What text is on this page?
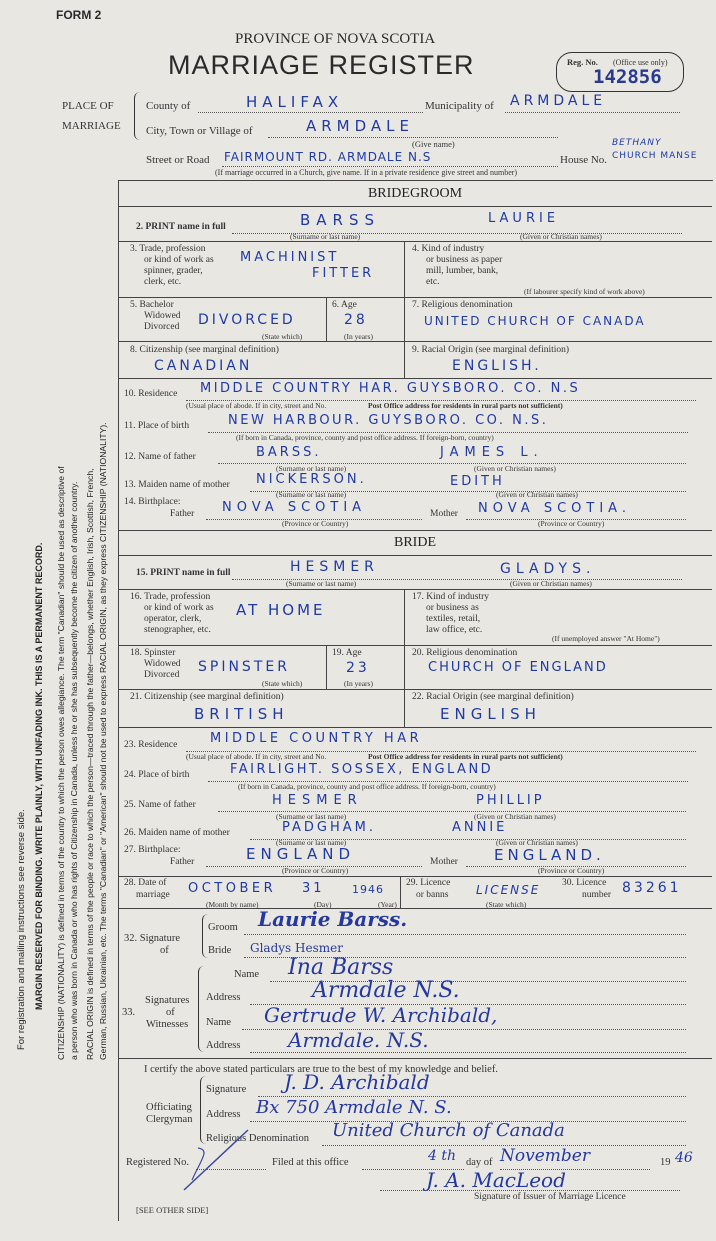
For registration and mailing instructions see reverse side. MARGIN RESERVED FOR BINDING. WRITE PLAINLY, WITH UNFADING INK. THIS IS A PERMANENT RECORD. CITIZENSHIP (NATIONALITY) is defined in terms of the country to which the person owes allegiance. The term "Canadian" should be used as descriptive of a person who was born in Canada or who has rights of Citizenship in Canada, unless he or she has subsequently become the citizen of another country. RACIAL ORIGIN is defined in terms of the people or race to which the person—traced through the father—belongs, whether English, Irish, Scottish, French, German, Russian, Ukrainian, etc. The terms "Canadian" or "American" should not be used to express RACIAL ORIGIN, as they express CITIZENSHIP (NATIONALITY).
FORM 2
PROVINCE OF NOVA SCOTIA
MARRIAGE REGISTER	Reg. No. (Office use only)
142856
PLACE OF
MARRIAGE
County of	HALIFAX	Municipality of ARMDALE
City, Town or Village of	ARMDALE
(Give name)
Street or Road FAIRMOUNT RD. ARMDALE N.S	House No.
BETHANY
CHURCH MANSE
(If marriage occurred in a Church, give name. If in a private residence give street and number)
BRIDEGROOM
2. PRINT name in full	BARSS	LAURIE
(Surname or last name)	(Given or Christian names)
3. Trade, profession
or kind of work as
spinner, grader,
clerk, etc.
MACHINIST
FITTER
4. Kind of industry
or business as paper
mill, lumber, bank,
etc.
(If labourer specify kind of work above)
5. Bachelor
Widowed
Divorced DIVORCED
(State which)
6. Age
28
(In years)
7. Religious denomination
UNITED CHURCH OF CANADA
8. Citizenship (see marginal definition)
CANADIAN
9. Racial Origin (see marginal definition)
ENGLISH.
10. Residence MIDDLE COUNTRY HAR. GUYSBORO. CO. N.S
(Usual place of abode. If in city, street and No.	Post Office address for residents in rural parts not sufficient)
11. Place of birth	NEW HARBOUR. GUYSBORO. CO. N.S.
(If born in Canada, province, county and post office address. If foreign-born, country)
12. Name of father	BARSS.	JAMES L.
(Surname or last name)	(Given or Christian names)
13. Maiden name of mother NICKERSON.	EDITH
(Surname or last name)	(Given or Christian names)
14. Birthplace:
Father NOVA SCOTIA	Mother NOVA SCOTIA.
(Province or Country)	(Province or Country)
BRIDE
15. PRINT name in full	HESMER	GLADYS.
(Surname or last name)	(Given or Christian names)
16. Trade, profession
or kind of work as
operator, clerk,
stenographer, etc.
AT HOME
17. Kind of industry
or business as
textiles, retail,
law office, etc.
(If unemployed answer "At Home")
18. Spinster
Widowed
Divorced SPINSTER
(State which)
19. Age
23
(In years)
20. Religious denomination
CHURCH OF ENGLAND
21. Citizenship (see marginal definition)
BRITISH
22. Racial Origin (see marginal definition)
ENGLISH
23. Residence	MIDDLE COUNTRY HAR
(Usual place of abode. If in city, street and No.	Post Office address for residents in rural parts not sufficient)
24. Place of birth	FAIRLIGHT. SOSSEX, ENGLAND
(If born in Canada, province, county and post office address. If foreign-born, country)
25. Name of father	HESMER	PHILLIP
(Surname or last name)	(Given or Christian names)
26. Maiden name of mother	PADGHAM.	ANNIE
(Surname or last name)	(Given or Christian names)
27. Birthplace:
Father	ENGLAND	Mother ENGLAND.
(Province or Country)	(Province or Country)
28. Date of
marriage OCTOBER 31 1946
(Month by name)	(Day)	(Year)
29. Licence
or banns LICENSE
(State which)
30. Licence
number 83261
32. Signature
of
Groom Laurie Barss.
Bride Gladys Hesmer
Signatures
of
Witnesses
33.
Name Ina Barss
Address	Armdale N.S.
Name Gertrude W. Archibald,
Address Armdale. N.S.
I certify the above stated particulars are true to the best of my knowledge and belief.
Officiating
Clergyman
Signature J. D. Archibald
Address Bx 750 Armdale N. S.
Religious Denomination United Church of Canada
Registered No.	Filed at this office	4 th day of November	19 46
J. A. MacLeod
Signature of Issuer of Marriage Licence
[SEE OTHER SIDE]
